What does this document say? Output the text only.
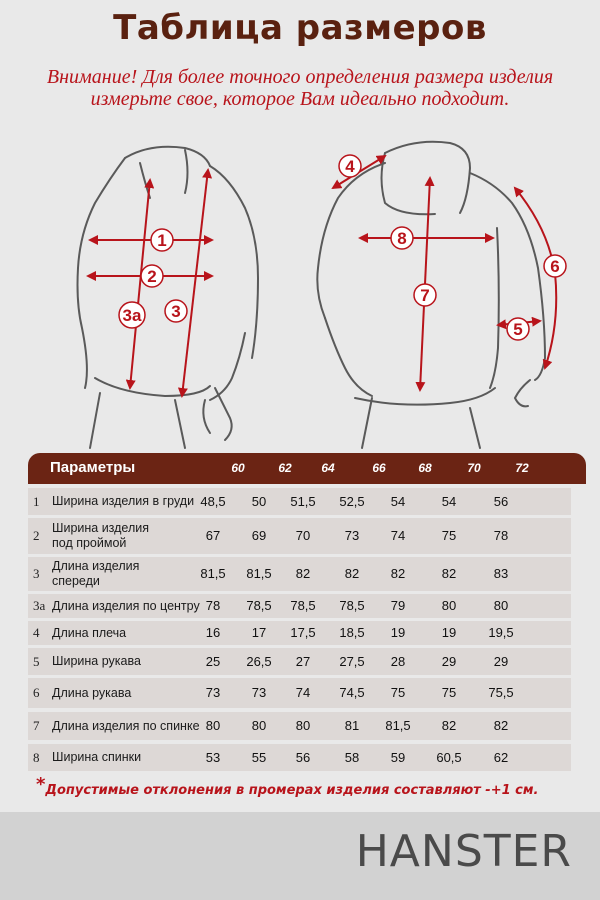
Таблица размеров
Внимание! Для более точного определения размера изделия измерьте свое, которое Вам идеально подходит.
1
2
3а 3
4
8
7
6
5
Параметры	60	62	64	66	68	70	72
1 Ширина изделия в груди 48,5	50	51,5	52,5	54	54	56
2 Ширина изделия
под проймой	67	69	70	73	74	75	78
3 Длина изделия
спереди	81,5	81,5	82	82	82	82	83
3а Длина изделия по центру 78	78,5	78,5	78,5	79	80	80
4 Длина плеча	16	17	17,5	18,5	19	19	19,5
5 Ширина рукава	25	26,5	27	27,5	28	29	29
6 Длина рукава	73	73	74	74,5	75	75	75,5
7 Длина изделия по спинке 80	80	80	81	81,5	82	82
8 Ширина спинки	53	55	56	58	59	60,5	62
*Допустимые отклонения в промерах изделия составляют -+1 см.
HANSTER
